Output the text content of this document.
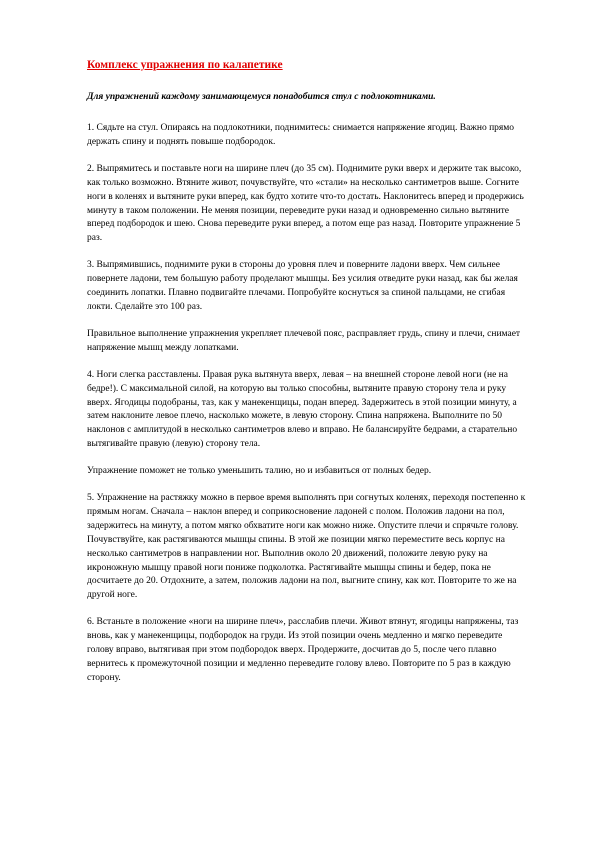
Комплекс упражнения по калапетике

Для упражнений каждому занимающемуся понадобится стул с подлокотниками.

1. Сядьте на стул. Опираясь на подлокотники, поднимитесь: снимается напряжение ягодиц. Важно прямо держать спину и поднять повыше подбородок.

2. Выпрямитесь и поставьте ноги на ширине плеч (до 35 см). Поднимите руки вверх и держите так высоко, как только возможно. Втяните живот, почувствуйте, что «стали» на несколько сантиметров выше. Согните ноги в коленях и вытяните руки вперед, как будто хотите что-то достать. Наклонитесь вперед и продержись минуту в таком положении. Не меняя позиции, переведите руки назад и одновременно сильно вытяните вперед подбородок и шею. Снова переведите руки вперед, а потом еще раз назад. Повторите упражнение 5 раз.

3. Выпрямившись, поднимите руки в стороны до уровня плеч и поверните ладони вверх. Чем сильнее повернете ладони, тем большую работу проделают мышцы. Без усилия отведите руки назад, как бы желая соединить лопатки. Плавно подвигайте плечами. Попробуйте коснуться за спиной пальцами, не сгибая локти. Сделайте это 100 раз.

Правильное выполнение упражнения укрепляет плечевой пояс, расправляет грудь, спину и плечи, снимает напряжение мышц между лопатками.

4. Ноги слегка расставлены. Правая рука вытянута вверх, левая – на внешней стороне левой ноги (не на бедре!). С максимальной силой, на которую вы только способны, вытяните правую сторону тела и руку вверх. Ягодицы подобраны, таз, как у манекенщицы, подан вперед. Задержитесь в этой позиции минуту, а затем наклоните левое плечо, насколько можете, в левую сторону. Спина напряжена. Выполните по 50 наклонов с амплитудой в несколько сантиметров влево и вправо. Не балансируйте бедрами, а старательно вытягивайте правую (левую) сторону тела.

Упражнение поможет не только уменьшить талию, но и избавиться от полных бедер.

5. Упражнение на растяжку можно в первое время выполнять при согнутых коленях, переходя постепенно к прямым ногам. Сначала – наклон вперед и соприкосновение ладоней с полом. Положив ладони на пол, задержитесь на минуту, а потом мягко обхватите ноги как можно ниже. Опустите плечи и спрячьте голову. Почувствуйте, как растягиваются мышцы спины. В этой же позиции мягко переместите весь корпус на несколько сантиметров в направлении ног. Выполнив около 20 движений, положите левую руку на икроножную мышцу правой ноги пониже подколотка. Растягивайте мышцы спины и бедер, пока не досчитаете до 20. Отдохните, а затем, положив ладони на пол, выгните спину, как кот. Повторите то же на другой ноге.

6. Встаньте в положение «ноги на ширине плеч», расслабив плечи. Живот втянут, ягодицы напряжены, таз вновь, как у манекенщицы, подбородок на груди. Из этой позиции очень медленно и мягко переведите голову вправо, вытягивая при этом подбородок вверх. Продержите, досчитав до 5, после чего плавно вернитесь к промежуточной позиции и медленно переведите голову влево. Повторите по 5 раз в каждую сторону.
